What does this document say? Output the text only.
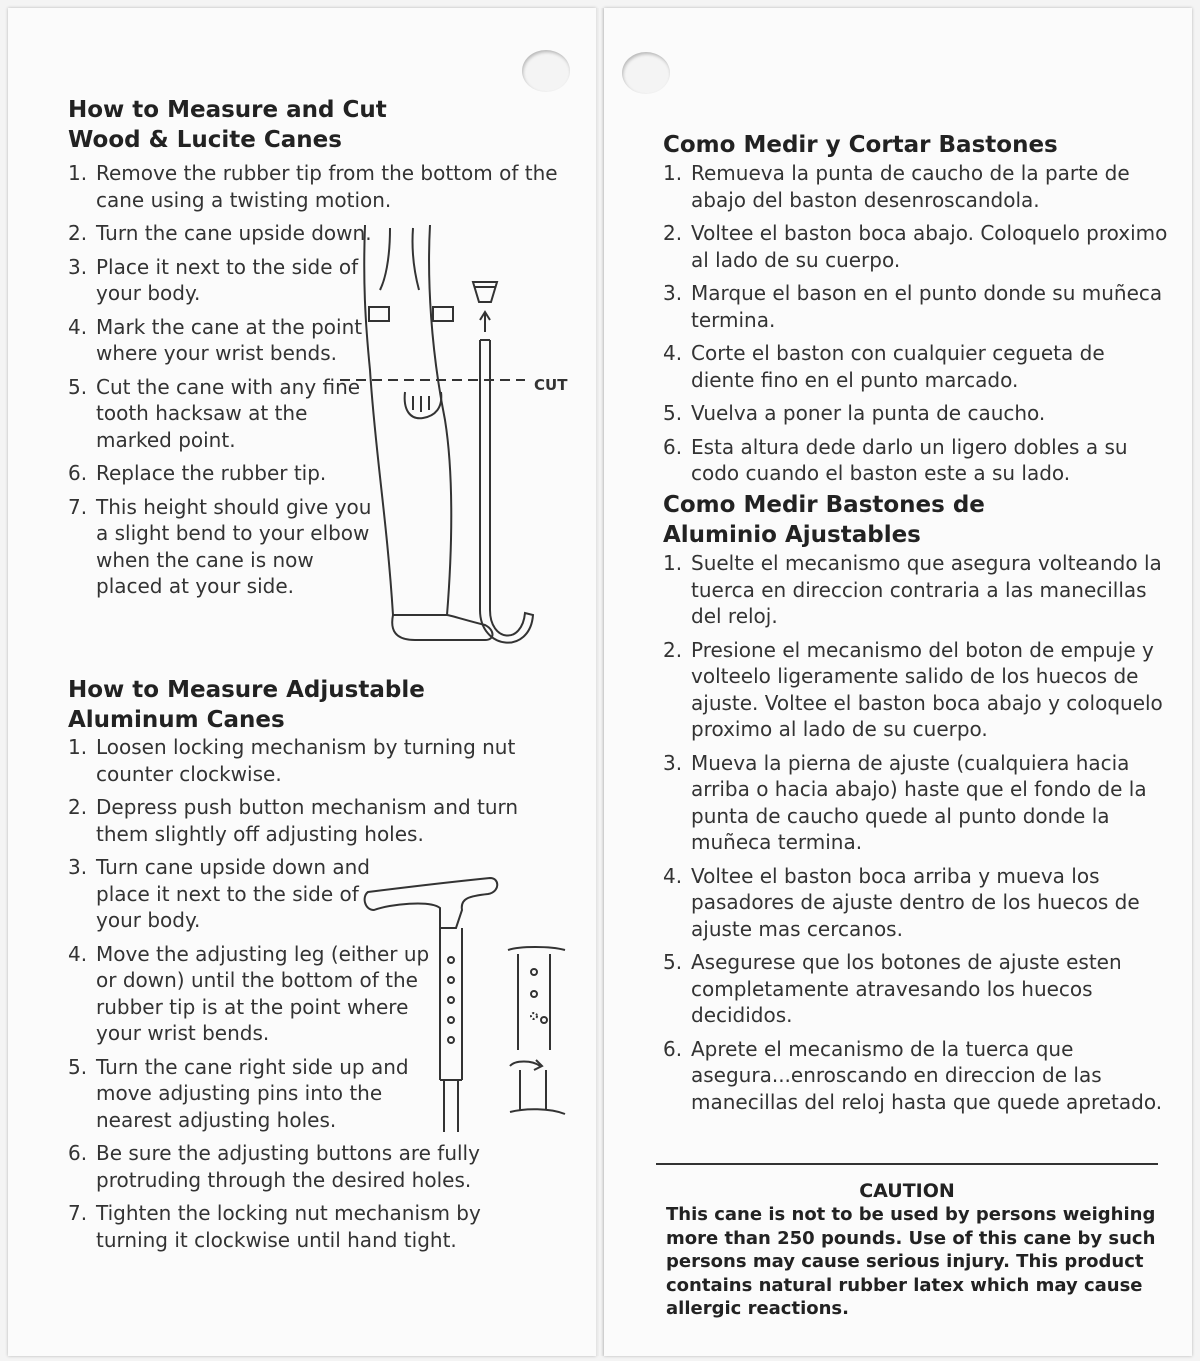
How to Measure and Cut
Wood & Lucite Canes
1. Remove the rubber tip from the bottom of the cane using a twisting motion.
2. Turn the cane upside down.
3. Place it next to the side of your body.
4. Mark the cane at the point where your wrist bends.
5. Cut the cane with any fine tooth hacksaw at the marked point.
6. Replace the rubber tip.
7. This height should give you a slight bend to your elbow when the cane is now placed at your side.
CUT
How to Measure Adjustable
Aluminum Canes
1. Loosen locking mechanism by turning nut counter clockwise.
2. Depress push button mechanism and turn them slightly off adjusting holes.
3. Turn cane upside down and place it next to the side of your body.
4. Move the adjusting leg (either up or down) until the bottom of the rubber tip is at the point where your wrist bends.
5. Turn the cane right side up and move adjusting pins into the nearest adjusting holes.
6. Be sure the adjusting buttons are fully protruding through the desired holes.
7. Tighten the locking nut mechanism by turning it clockwise until hand tight.
Como Medir y Cortar Bastones
1. Remueva la punta de caucho de la parte de abajo del baston desenroscandola.
2. Voltee el baston boca abajo. Coloquelo proximo al lado de su cuerpo.
3. Marque el bason en el punto donde su muñeca termina.
4. Corte el baston con cualquier cegueta de diente fino en el punto marcado.
5. Vuelva a poner la punta de caucho.
6. Esta altura dede darlo un ligero dobles a su codo cuando el baston este a su lado.
Como Medir Bastones de
Aluminio Ajustables
1. Suelte el mecanismo que asegura volteando la tuerca en direccion contraria a las manecillas del reloj.
2. Presione el mecanismo del boton de empuje y volteelo ligeramente salido de los huecos de ajuste. Voltee el baston boca abajo y coloquelo proximo al lado de su cuerpo.
3. Mueva la pierna de ajuste (cualquiera hacia arriba o hacia abajo) haste que el fondo de la punta de caucho quede al punto donde la muñeca termina.
4. Voltee el baston boca arriba y mueva los pasadores de ajuste dentro de los huecos de ajuste mas cercanos.
5. Asegurese que los botones de ajuste esten completamente atravesando los huecos decididos.
6. Aprete el mecanismo de la tuerca que asegura...enroscando en direccion de las manecillas del reloj hasta que quede apretado.
CAUTION
This cane is not to be used by persons weighing more than 250 pounds. Use of this cane by such persons may cause serious injury. This product contains natural rubber latex which may cause allergic reactions.
